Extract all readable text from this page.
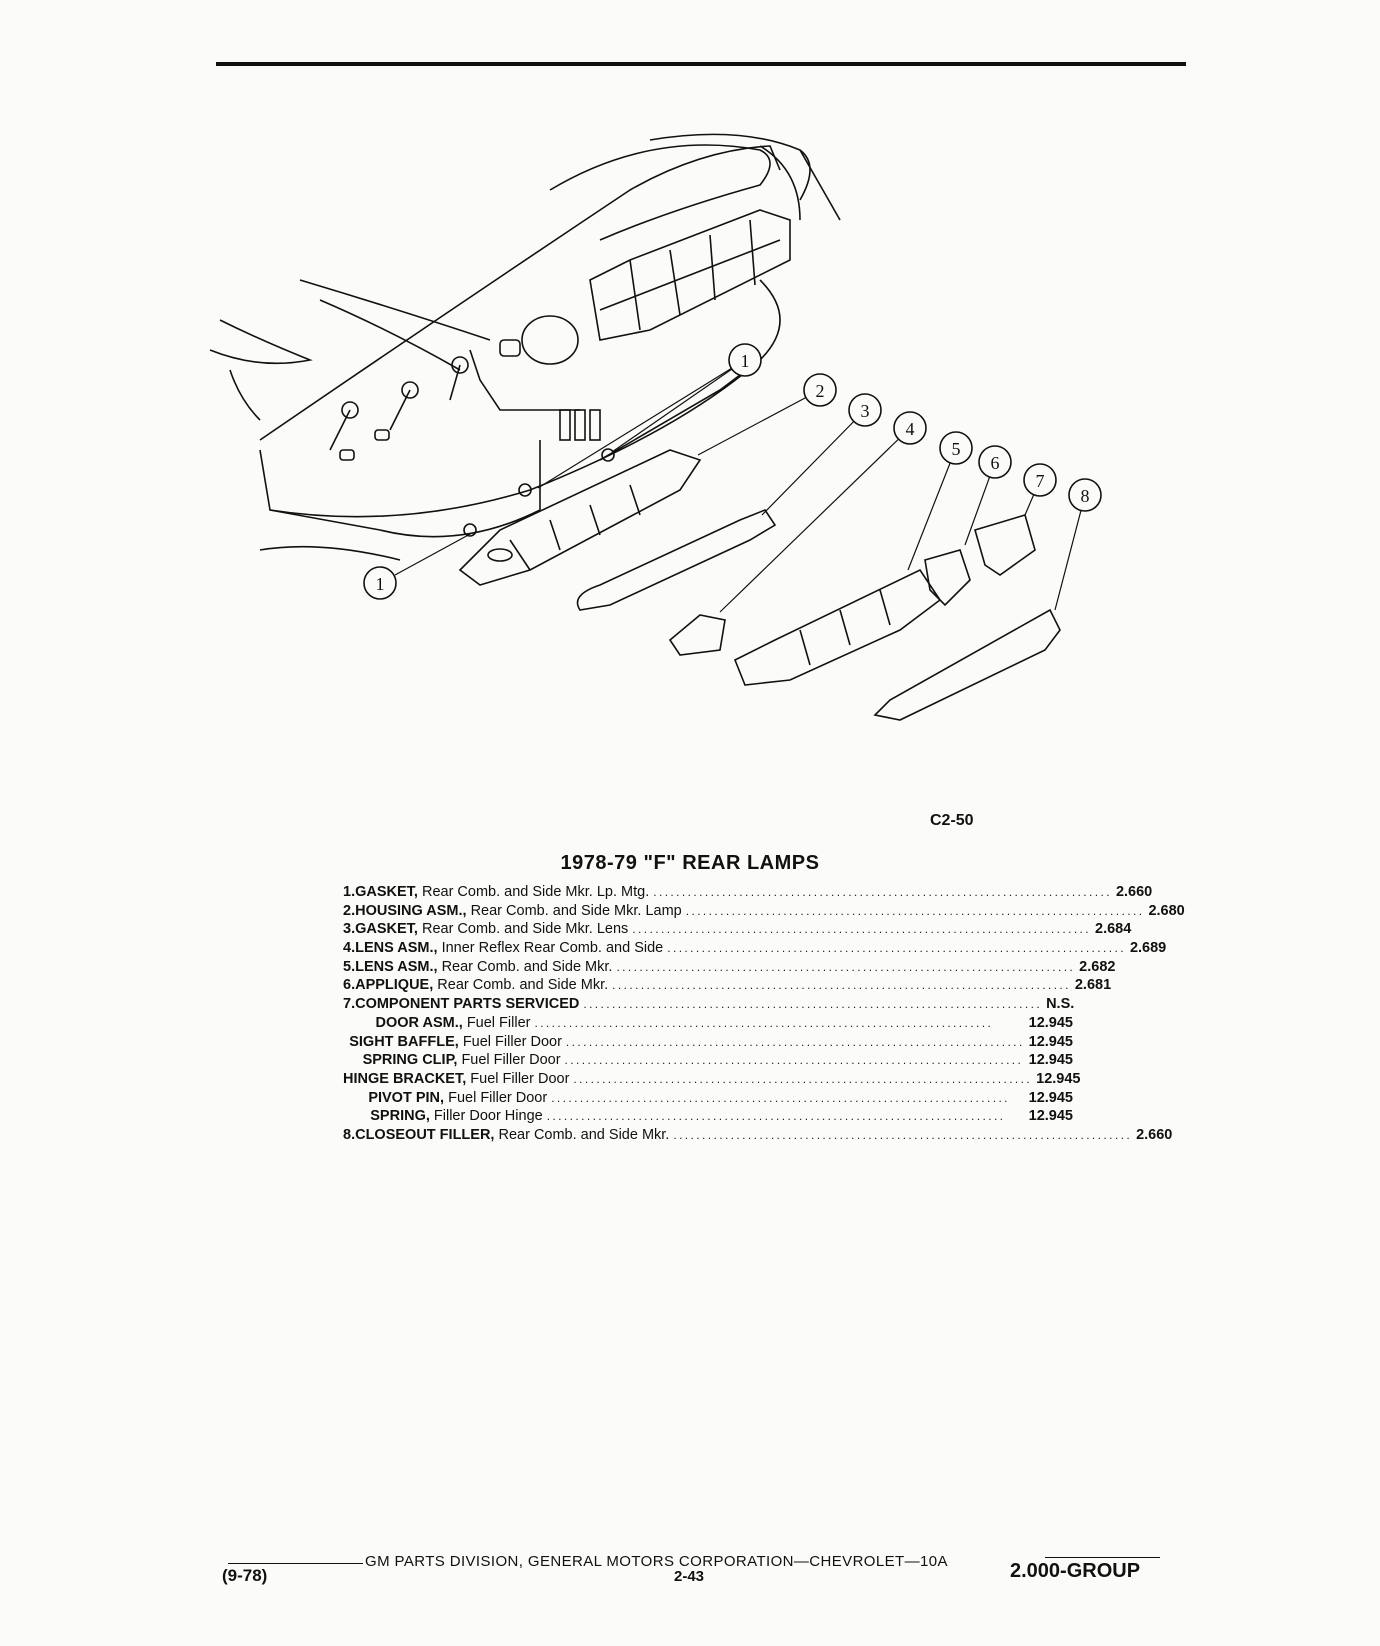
1
2
3
4
5
6
7
8
1
C2-50
1978-79 "F" REAR LAMPS
1. GASKET, Rear Comb. and Side Mkr. Lp. Mtg. ................................................................................ 2.660
2. HOUSING ASM., Rear Comb. and Side Mkr. Lamp ................................................................................ 2.680
3. GASKET, Rear Comb. and Side Mkr. Lens ................................................................................ 2.684
4. LENS ASM., Inner Reflex Rear Comb. and Side ................................................................................ 2.689
5. LENS ASM., Rear Comb. and Side Mkr. ................................................................................ 2.682
6. APPLIQUE, Rear Comb. and Side Mkr. ................................................................................ 2.681
7. COMPONENT PARTS SERVICED ................................................................................ N.S.
DOOR ASM., Fuel Filler ................................................................................	12.945
SIGHT BAFFLE, Fuel Filler Door ................................................................................ 12.945
SPRING CLIP, Fuel Filler Door ................................................................................ 12.945
HINGE BRACKET, Fuel Filler Door ................................................................................ 12.945
PIVOT PIN, Fuel Filler Door ................................................................................	12.945
SPRING, Filler Door Hinge ................................................................................	12.945
8. CLOSEOUT FILLER, Rear Comb. and Side Mkr. ................................................................................ 2.660
GM PARTS DIVISION, GENERAL MOTORS CORPORATION—CHEVROLET—10A
(9-78)	2-43	2.000-GROUP
